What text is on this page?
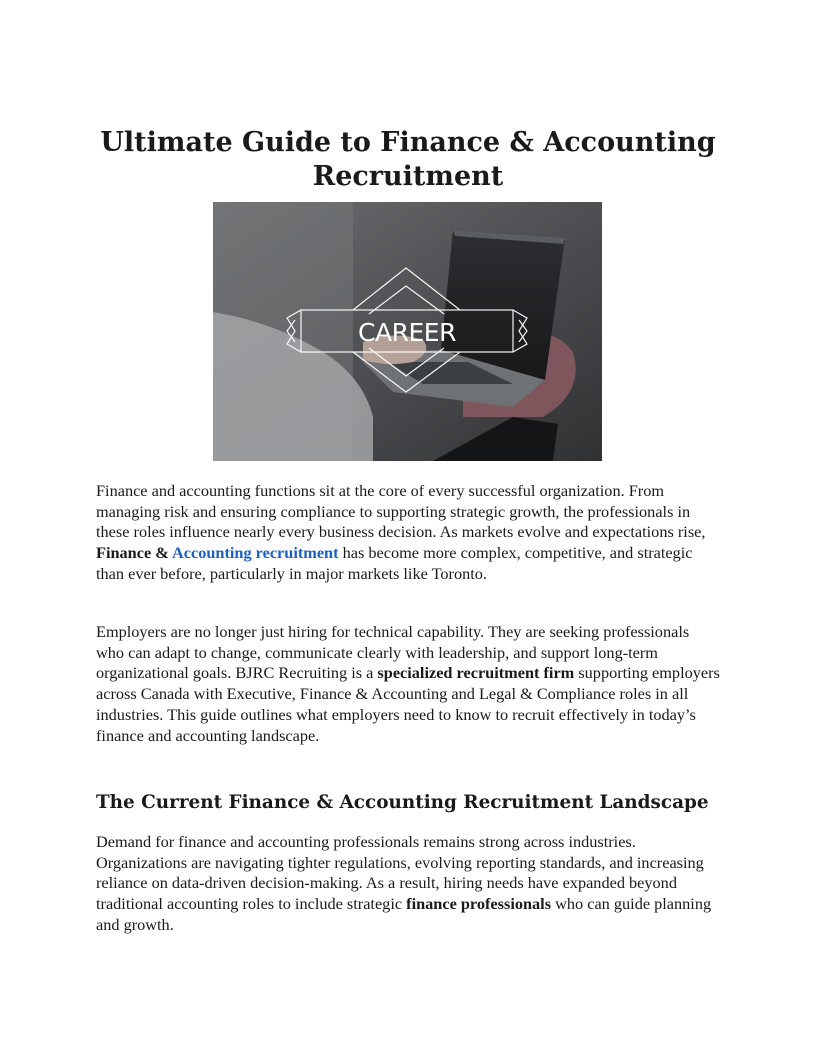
Ultimate Guide to Finance & Accounting
Recruitment
CAREER

Finance and accounting functions sit at the core of every successful organization. From managing risk and ensuring compliance to supporting strategic growth, the professionals in these roles influence nearly every business decision. As markets evolve and expectations rise, Finance & Accounting recruitment has become more complex, competitive, and strategic than ever before, particularly in major markets like Toronto.

Employers are no longer just hiring for technical capability. They are seeking professionals who can adapt to change, communicate clearly with leadership, and support long-term organizational goals. BJRC Recruiting is a specialized recruitment firm supporting employers across Canada with Executive, Finance & Accounting and Legal & Compliance roles in all industries. This guide outlines what employers need to know to recruit effectively in today’s finance and accounting landscape.

The Current Finance & Accounting Recruitment Landscape

Demand for finance and accounting professionals remains strong across industries. Organizations are navigating tighter regulations, evolving reporting standards, and increasing reliance on data-driven decision-making. As a result, hiring needs have expanded beyond traditional accounting roles to include strategic finance professionals who can guide planning and growth.
